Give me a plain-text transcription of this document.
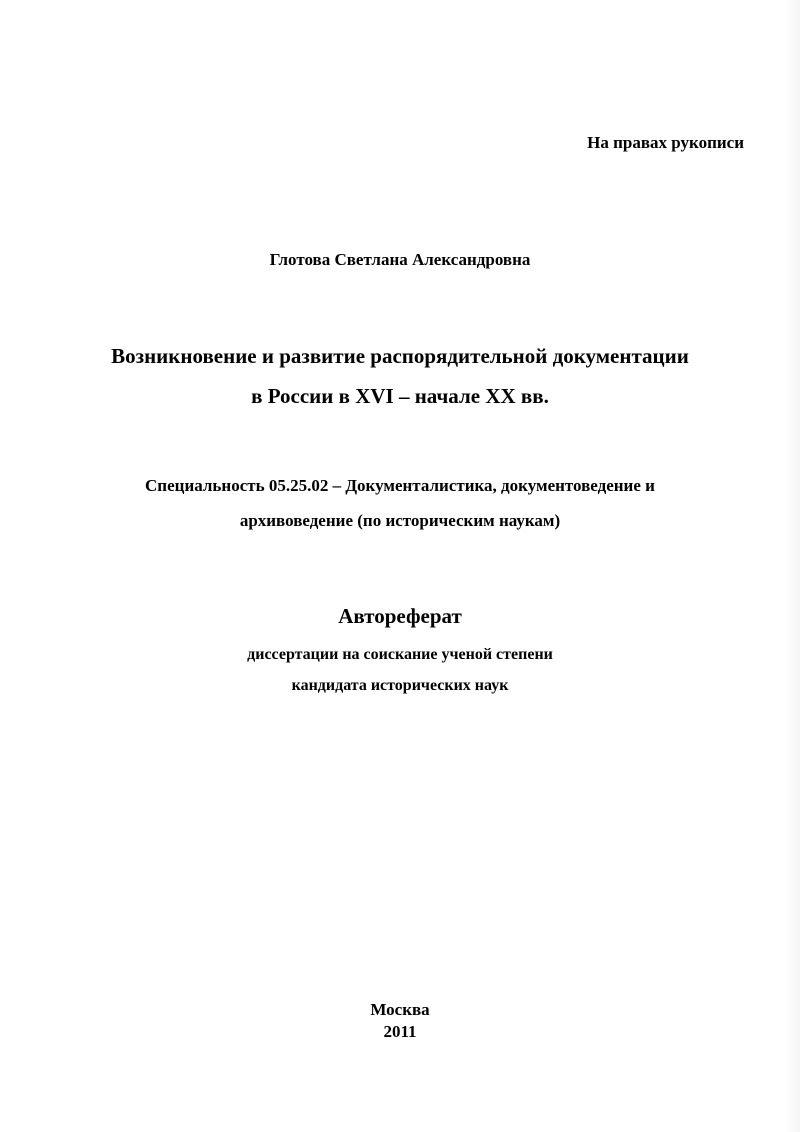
На правах рукописи
Глотова Светлана Александровна
Возникновение и развитие распорядительной документации
в России в XVI – начале XX вв.
Специальность 05.25.02 – Документалистика, документоведение и
архивоведение (по историческим наукам)
Автореферат
диссертации на соискание ученой степени
кандидата исторических наук
Москва
2011
